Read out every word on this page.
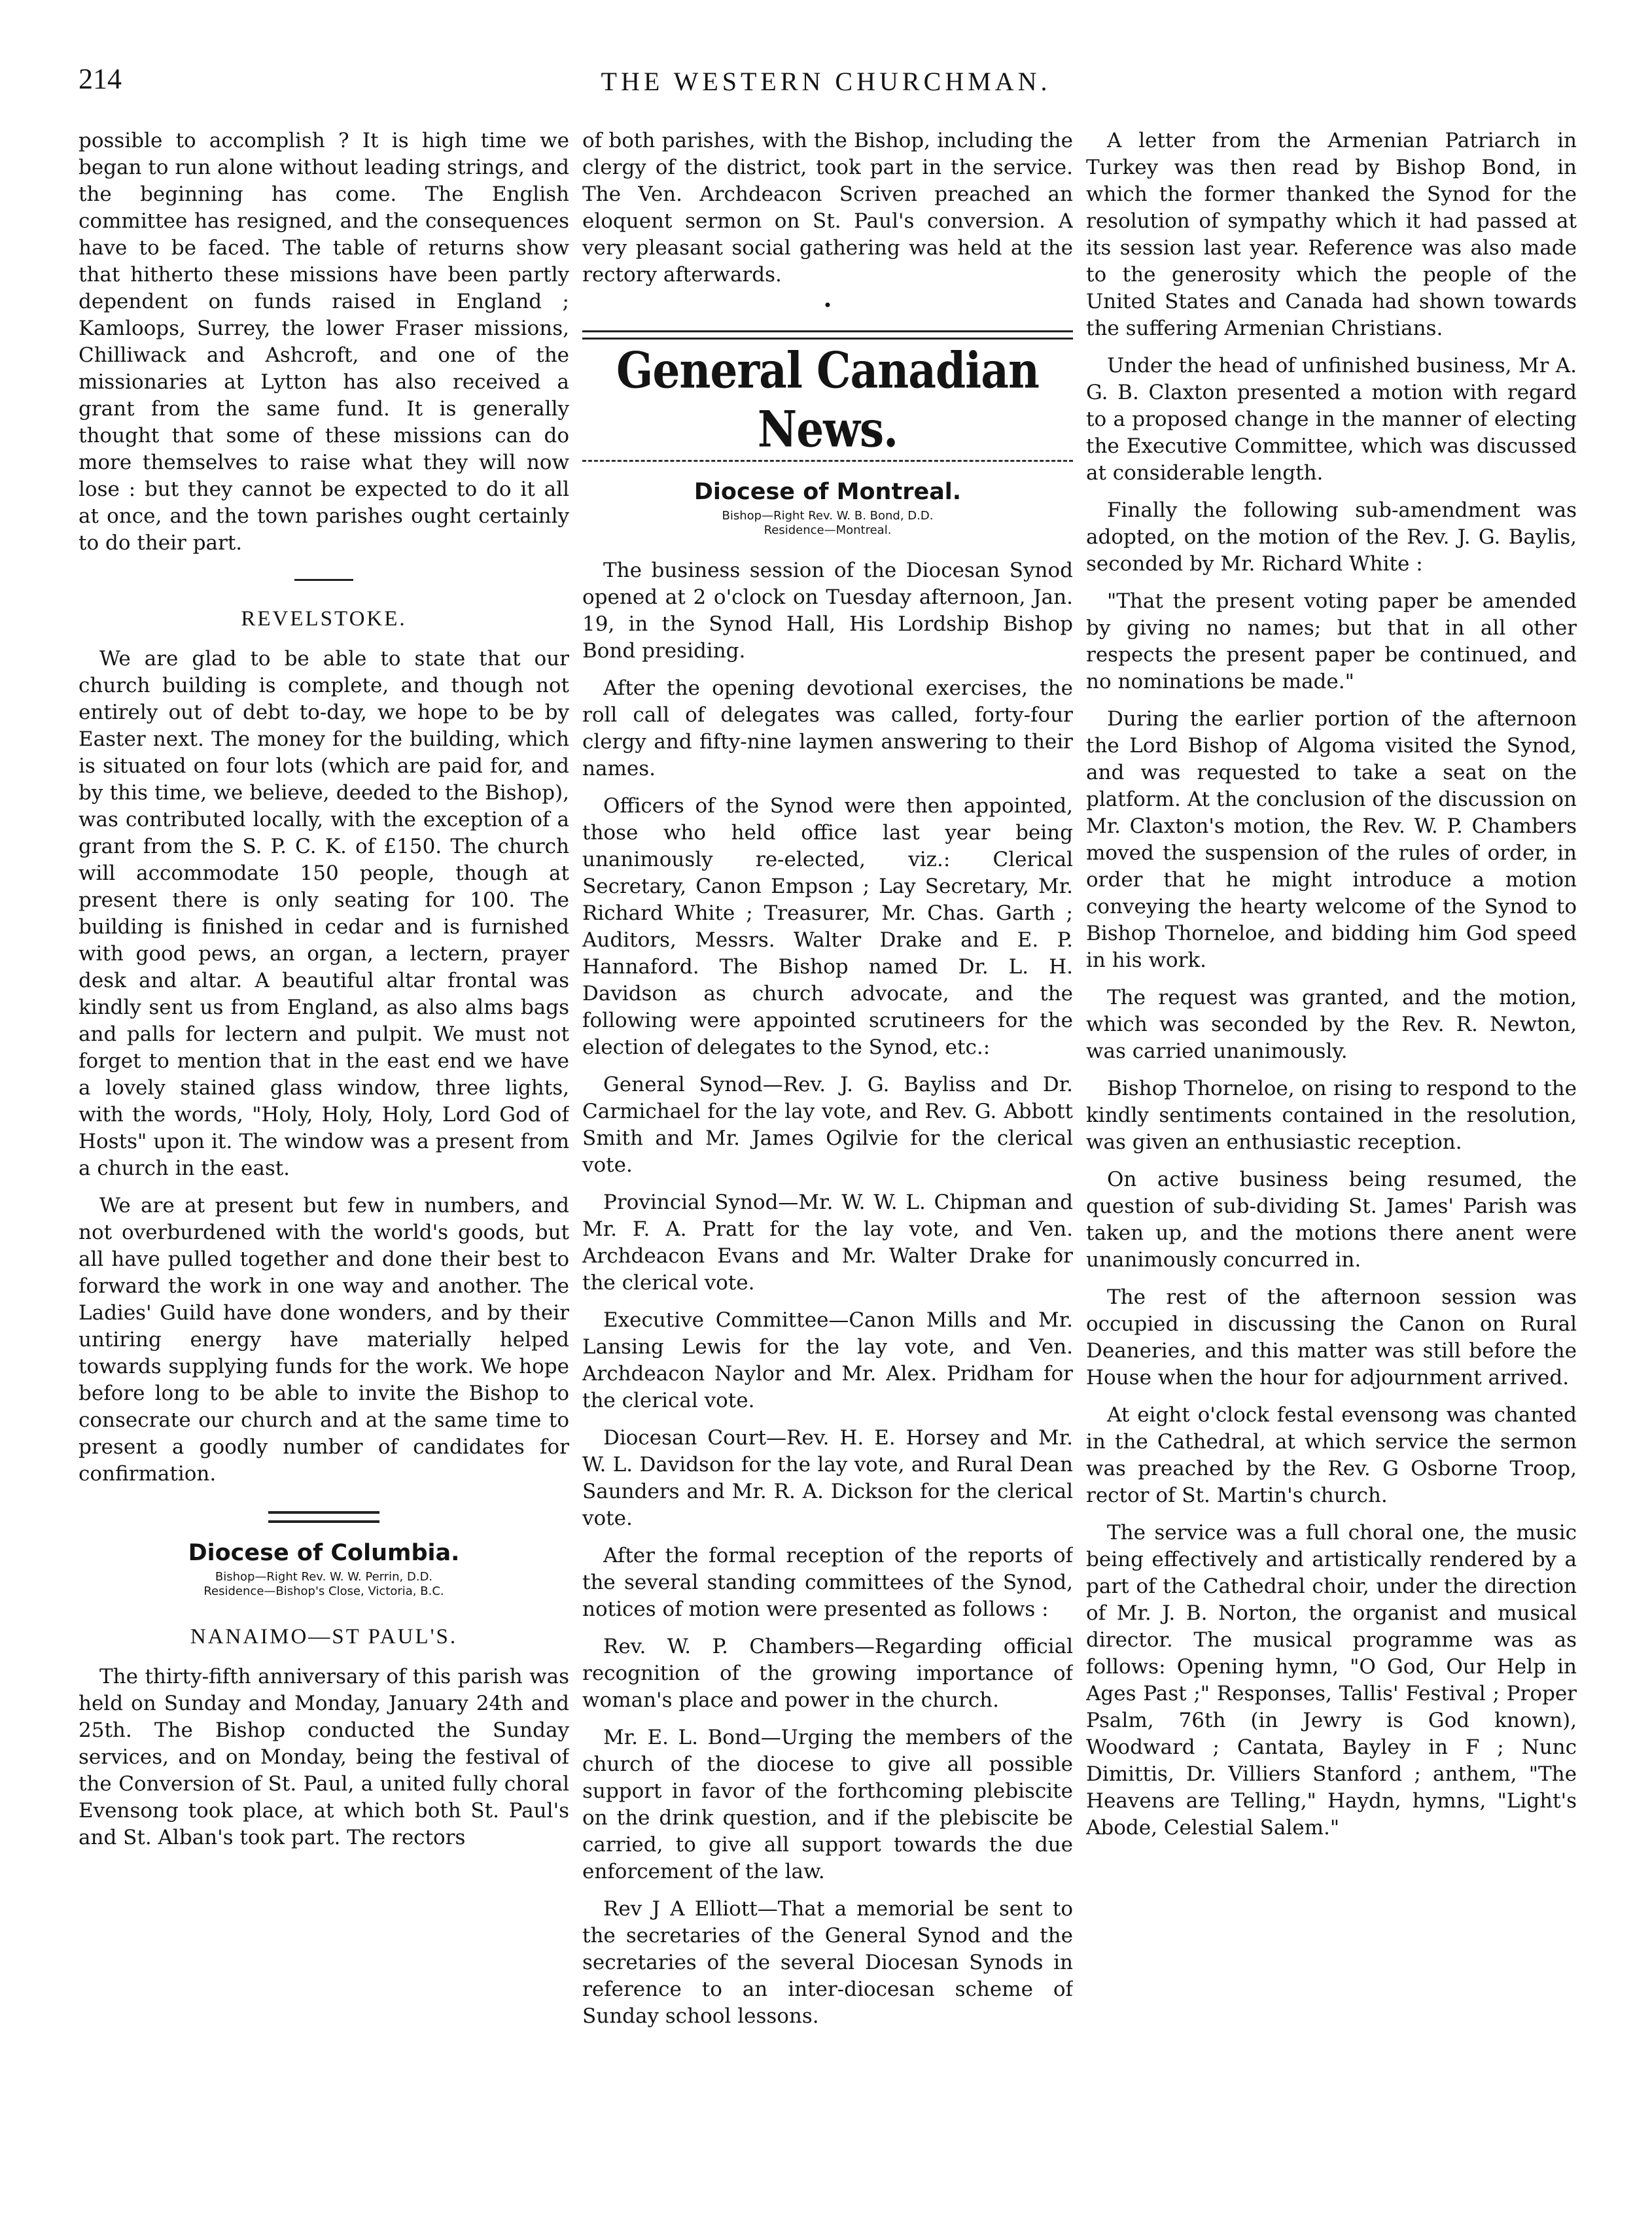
214	THE WESTERN CHURCHMAN.

possible to accomplish ? It is high time we began to run alone without leading strings, and the beginning has come. The English committee has resigned, and the consequences have to be faced. The table of returns show that hitherto these missions have been partly dependent on funds raised in England ; Kamloops, Surrey, the lower Fraser missions, Chilliwack and Ashcroft, and one of the missionaries at Lytton has also received a grant from the same fund. It is generally thought that some of these missions can do more themselves to raise what they will now lose : but they cannot be expected to do it all at once, and the town parishes ought certainly to do their part.

REVELSTOKE.

We are glad to be able to state that our church building is complete, and though not entirely out of debt to-day, we hope to be by Easter next. The money for the building, which is situated on four lots (which are paid for, and by this time, we believe, deeded to the Bishop), was contributed locally, with the exception of a grant from the S. P. C. K. of £150. The church will accommodate 150 people, though at present there is only seating for 100. The building is finished in cedar and is furnished with good pews, an organ, a lectern, prayer desk and altar. A beautiful altar frontal was kindly sent us from England, as also alms bags and palls for lectern and pulpit. We must not forget to mention that in the east end we have a lovely stained glass window, three lights, with the words, "Holy, Holy, Holy, Lord God of Hosts" upon it. The window was a present from a church in the east.

We are at present but few in numbers, and not overburdened with the world's goods, but all have pulled together and done their best to forward the work in one way and another. The Ladies' Guild have done wonders, and by their untiring energy have materially helped towards supplying funds for the work. We hope before long to be able to invite the Bishop to consecrate our church and at the same time to present a goodly number of candidates for confirmation.

Diocese of Columbia.
Bishop—Right Rev. W. W. Perrin, D.D.
Residence—Bishop's Close, Victoria, B.C.
NANAIMO—ST PAUL'S.

The thirty-fifth anniversary of this parish was held on Sunday and Monday, January 24th and 25th. The Bishop conducted the Sunday services, and on Monday, being the festival of the Conversion of St. Paul, a united fully choral Evensong took place, at which both St. Paul's and St. Alban's took part. The rectors

of both parishes, with the Bishop, including the clergy of the district, took part in the service. The Ven. Archdeacon Scriven preached an eloquent sermon on St. Paul's conversion. A very pleasant social gathering was held at the rectory afterwards.

•
General Canadian News.
Diocese of Montreal.
Bishop—Right Rev. W. B. Bond, D.D.
Residence—Montreal.

The business session of the Diocesan Synod opened at 2 o'clock on Tuesday afternoon, Jan. 19, in the Synod Hall, His Lordship Bishop Bond presiding.

After the opening devotional exercises, the roll call of delegates was called, forty-four clergy and fifty-nine laymen answering to their names.

Officers of the Synod were then appointed, those who held office last year being unanimously re-elected, viz.: Clerical Secretary, Canon Empson ; Lay Secretary, Mr. Richard White ; Treasurer, Mr. Chas. Garth ; Auditors, Messrs. Walter Drake and E. P. Hannaford. The Bishop named Dr. L. H. Davidson as church advocate, and the following were appointed scrutineers for the election of delegates to the Synod, etc.:

General Synod—Rev. J. G. Bayliss and Dr. Carmichael for the lay vote, and Rev. G. Abbott Smith and Mr. James Ogilvie for the clerical vote.

Provincial Synod—Mr. W. W. L. Chipman and Mr. F. A. Pratt for the lay vote, and Ven. Archdeacon Evans and Mr. Walter Drake for the clerical vote.

Executive Committee—Canon Mills and Mr. Lansing Lewis for the lay vote, and Ven. Archdeacon Naylor and Mr. Alex. Pridham for the clerical vote.

Diocesan Court—Rev. H. E. Horsey and Mr. W. L. Davidson for the lay vote, and Rural Dean Saunders and Mr. R. A. Dickson for the clerical vote.

After the formal reception of the reports of the several standing committees of the Synod, notices of motion were presented as follows :

Rev. W. P. Chambers—Regarding official recognition of the growing importance of woman's place and power in the church.

Mr. E. L. Bond—Urging the members of the church of the diocese to give all possible support in favor of the forthcoming plebiscite on the drink question, and if the plebiscite be carried, to give all support towards the due enforcement of the law.

Rev J A Elliott—That a memorial be sent to the secretaries of the General Synod and the secretaries of the several Diocesan Synods in reference to an inter-diocesan scheme of Sunday school lessons.

A letter from the Armenian Patriarch in Turkey was then read by Bishop Bond, in which the former thanked the Synod for the resolution of sympathy which it had passed at its session last year. Reference was also made to the generosity which the people of the United States and Canada had shown towards the suffering Armenian Christians.

Under the head of unfinished business, Mr A. G. B. Claxton presented a motion with regard to a proposed change in the manner of electing the Executive Committee, which was discussed at considerable length.

Finally the following sub-amendment was adopted, on the motion of the Rev. J. G. Baylis, seconded by Mr. Richard White :

"That the present voting paper be amended by giving no names; but that in all other respects the present paper be continued, and no nominations be made."

During the earlier portion of the afternoon the Lord Bishop of Algoma visited the Synod, and was requested to take a seat on the platform. At the conclusion of the discussion on Mr. Claxton's motion, the Rev. W. P. Chambers moved the suspension of the rules of order, in order that he might introduce a motion conveying the hearty welcome of the Synod to Bishop Thorneloe, and bidding him God speed in his work.

The request was granted, and the motion, which was seconded by the Rev. R. Newton, was carried unanimously.

Bishop Thorneloe, on rising to respond to the kindly sentiments contained in the resolution, was given an enthusiastic reception.

On active business being resumed, the question of sub-dividing St. James' Parish was taken up, and the motions there anent were unanimously concurred in.

The rest of the afternoon session was occupied in discussing the Canon on Rural Deaneries, and this matter was still before the House when the hour for adjournment arrived.

At eight o'clock festal evensong was chanted in the Cathedral, at which service the sermon was preached by the Rev. G Osborne Troop, rector of St. Martin's church.

The service was a full choral one, the music being effectively and artistically rendered by a part of the Cathedral choir, under the direction of Mr. J. B. Norton, the organist and musical director. The musical programme was as follows: Opening hymn, "O God, Our Help in Ages Past ;" Responses, Tallis' Festival ; Proper Psalm, 76th (in Jewry is God known), Woodward ; Cantata, Bayley in F ; Nunc Dimittis, Dr. Villiers Stanford ; anthem, "The Heavens are Telling," Haydn, hymns, "Light's Abode, Celestial Salem."
